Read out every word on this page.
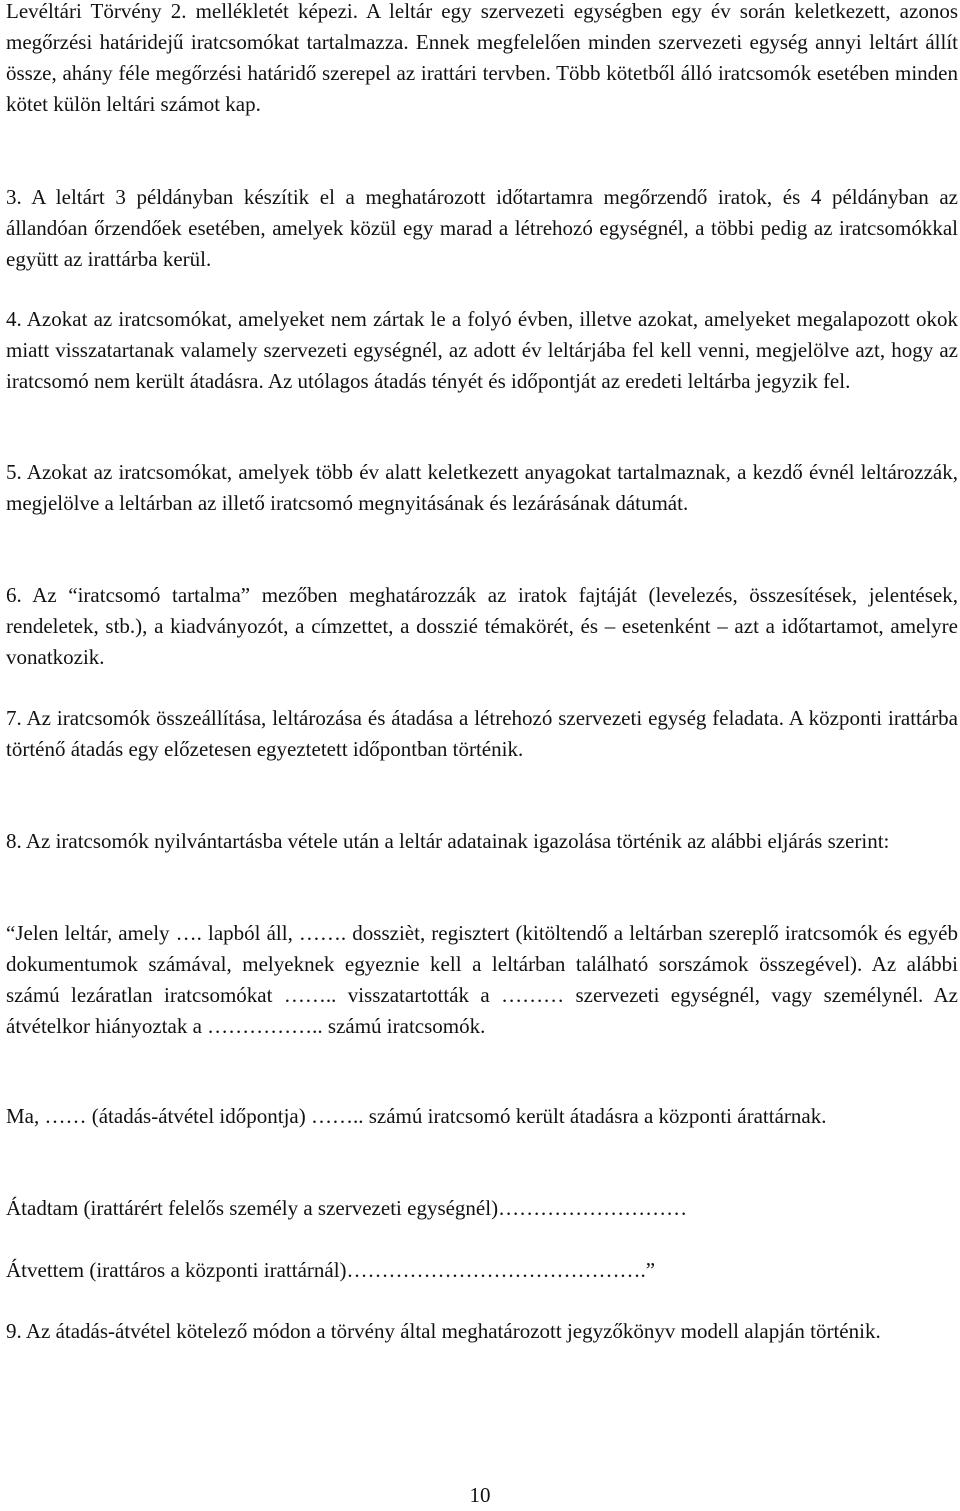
Levéltári Törvény 2. mellékletét képezi. A leltár egy szervezeti egységben egy év során keletkezett, azonos megőrzési határidejű iratcsomókat tartalmazza. Ennek megfelelően minden szervezeti egység annyi leltárt állít össze, ahány féle megőrzési határidő szerepel az irattári tervben. Több kötetből álló iratcsomók esetében minden kötet külön leltári számot kap.

3. A leltárt 3 példányban készítik el a meghatározott időtartamra megőrzendő iratok, és 4 példányban az állandóan őrzendőek esetében, amelyek közül egy marad a létrehozó egységnél, a többi pedig az iratcsomókkal együtt az irattárba kerül.

4. Azokat az iratcsomókat, amelyeket nem zártak le a folyó évben, illetve azokat, amelyeket megalapozott okok miatt visszatartanak valamely szervezeti egységnél, az adott év leltárjába fel kell venni, megjelölve azt, hogy az iratcsomó nem került átadásra. Az utólagos átadás tényét és időpontját az eredeti leltárba jegyzik fel.

5. Azokat az iratcsomókat, amelyek több év alatt keletkezett anyagokat tartalmaznak, a kezdő évnél leltározzák, megjelölve a leltárban az illető iratcsomó megnyitásának és lezárásának dátumát.

6. Az “iratcsomó tartalma” mezőben meghatározzák az iratok fajtáját (levelezés, összesítések, jelentések, rendeletek, stb.), a kiadványozót, a címzettet, a dosszié témakörét, és – esetenként – azt a időtartamot, amelyre vonatkozik.

7. Az iratcsomók összeállítása, leltározása és átadása a létrehozó szervezeti egység feladata. A központi irattárba történő átadás egy előzetesen egyeztetett időpontban történik.

8. Az iratcsomók nyilvántartásba vétele után a leltár adatainak igazolása történik az alábbi eljárás szerint:

“Jelen leltár, amely …. lapból áll, ……. dosszièt, regisztert (kitöltendő a leltárban szereplő iratcsomók és egyéb dokumentumok számával, melyeknek egyeznie kell a leltárban található sorszámok összegével). Az alábbi számú lezáratlan iratcsomókat …….. visszatartották a ……… szervezeti egységnél, vagy személynél. Az átvételkor hiányoztak a …………….. számú iratcsomók.

Ma, …… (átadás-átvétel időpontja) …….. számú iratcsomó került átadásra a központi árattárnak.

Átadtam (irattárért felelős személy a szervezeti egységnél)………………………

Átvettem (irattáros a központi irattárnál)…………………………………….”

9. Az átadás-átvétel kötelező módon a törvény által meghatározott jegyzőkönyv modell alapján történik.

10
